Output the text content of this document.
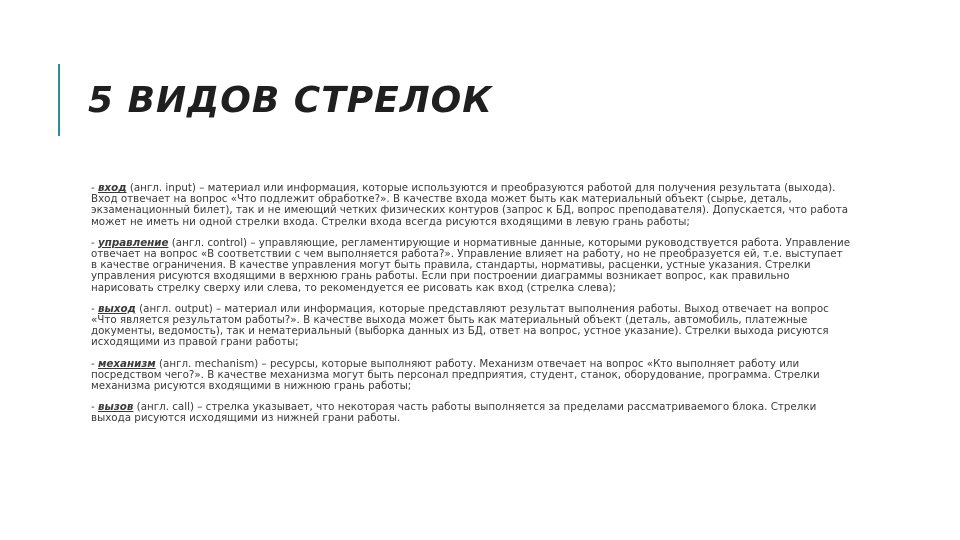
5 ВИДОВ СТРЕЛОК

- вход (англ. input) – материал или информация, которые используются и преобразуются работой для получения результата (выхода). Вход отвечает на вопрос «Что подлежит обработке?». В качестве входа может быть как материальный объект (сырье, деталь, экзаменационный билет), так и не имеющий четких физических контуров (запрос к БД, вопрос преподавателя). Допускается, что работа может не иметь ни одной стрелки входа. Стрелки входа всегда рисуются входящими в левую грань работы;

- управление (англ. control) – управляющие, регламентирующие и нормативные данные, которыми руководствуется работа. Управление отвечает на вопрос «В соответствии с чем выполняется работа?». Управление влияет на работу, но не преобразуется ей, т.е. выступает в качестве ограничения. В качестве управления могут быть правила, стандарты, нормативы, расценки, устные указания. Стрелки управления рисуются входящими в верхнюю грань работы. Если при построении диаграммы возникает вопрос, как правильно нарисовать стрелку сверху или слева, то рекомендуется ее рисовать как вход (стрелка слева);

- выход (англ. output) – материал или информация, которые представляют результат выполнения работы. Выход отвечает на вопрос «Что является результатом работы?». В качестве выхода может быть как материальный объект (деталь, автомобиль, платежные документы, ведомость), так и нематериальный (выборка данных из БД, ответ на вопрос, устное указание). Стрелки выхода рисуются исходящими из правой грани работы;

- механизм (англ. mechanism) – ресурсы, которые выполняют работу. Механизм отвечает на вопрос «Кто выполняет работу или посредством чего?». В качестве механизма могут быть персонал предприятия, студент, станок, оборудование, программа. Стрелки механизма рисуются входящими в нижнюю грань работы;

- вызов (англ. call) – стрелка указывает, что некоторая часть работы выполняется за пределами рассматриваемого блока. Стрелки выхода рисуются исходящими из нижней грани работы.
